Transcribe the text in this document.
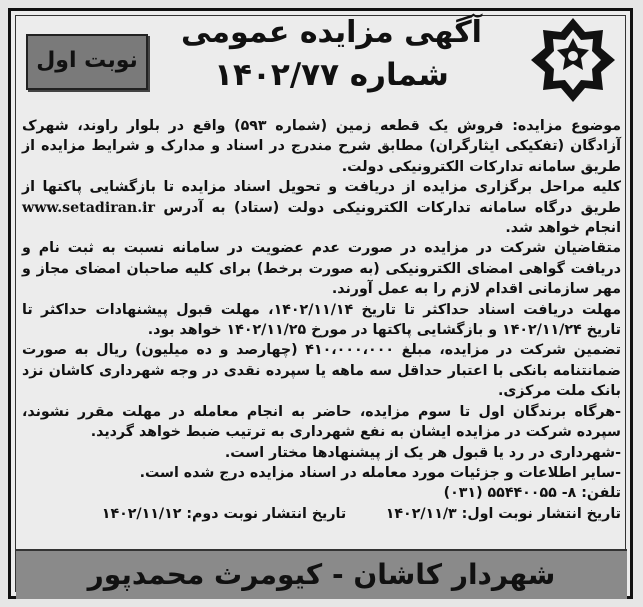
نوبت اول
آگهی مزایده عمومی
شماره ۱۴۰۲/۷۷

موضوع مزایده: فروش یک قطعه زمین (شماره ۵۹۳) واقع در بلوار راوند، شهرک آزادگان (تفکیکی ایثارگران) مطابق شرح مندرج در اسناد و مدارک و شرایط مزایده از طریق سامانه تدارکات الکترونیکی دولت.

کلیه مراحل برگزاری مزایده از دریافت و تحویل اسناد مزایده تا بازگشایی پاکتها از طریق درگاه سامانه تدارکات الکترونیکی دولت (ستاد) به آدرس www.setadiran.ir انجام خواهد شد.

متقاضیان شرکت در مزایده در صورت عدم عضویت در سامانه نسبت به ثبت نام و دریافت گواهی امضای الکترونیکی (به صورت برخط) برای کلیه صاحبان امضای مجاز و مهر سازمانی اقدام لازم را به عمل آورند.

مهلت دریافت اسناد حداکثر تا تاریخ ۱۴۰۲/۱۱/۱۴، مهلت قبول پیشنهادات حداکثر تا تاریخ ۱۴۰۲/۱۱/۲۴ و بازگشایی پاکتها در مورخ ۱۴۰۲/۱۱/۲۵ خواهد بود.

تضمین شرکت در مزایده، مبلغ ۴۱۰،۰۰۰،۰۰۰ (چهارصد و ده میلیون) ریال به صورت ضمانتنامه بانکی با اعتبار حداقل سه ماهه یا سپرده نقدی در وجه شهرداری کاشان نزد بانک ملت مرکزی.

-هرگاه برندگان اول تا سوم مزایده، حاضر به انجام معامله در مهلت مقرر نشوند، سپرده شرکت در مزایده ایشان به نفع شهرداری به ترتیب ضبط خواهد گردید.

-شهرداری در رد یا قبول هر یک از پیشنهادها مختار است.

-سایر اطلاعات و جزئیات مورد معامله در اسناد مزایده درج شده است.

تلفن: ۸- ۵۵۴۴۰۰۵۵ (۰۳۱)

تاریخ انتشار نوبت اول: ۱۴۰۲/۱۱/۳        تاریخ انتشار نوبت دوم: ۱۴۰۲/۱۱/۱۲

شهردار کاشان - کیومرث محمدپور
